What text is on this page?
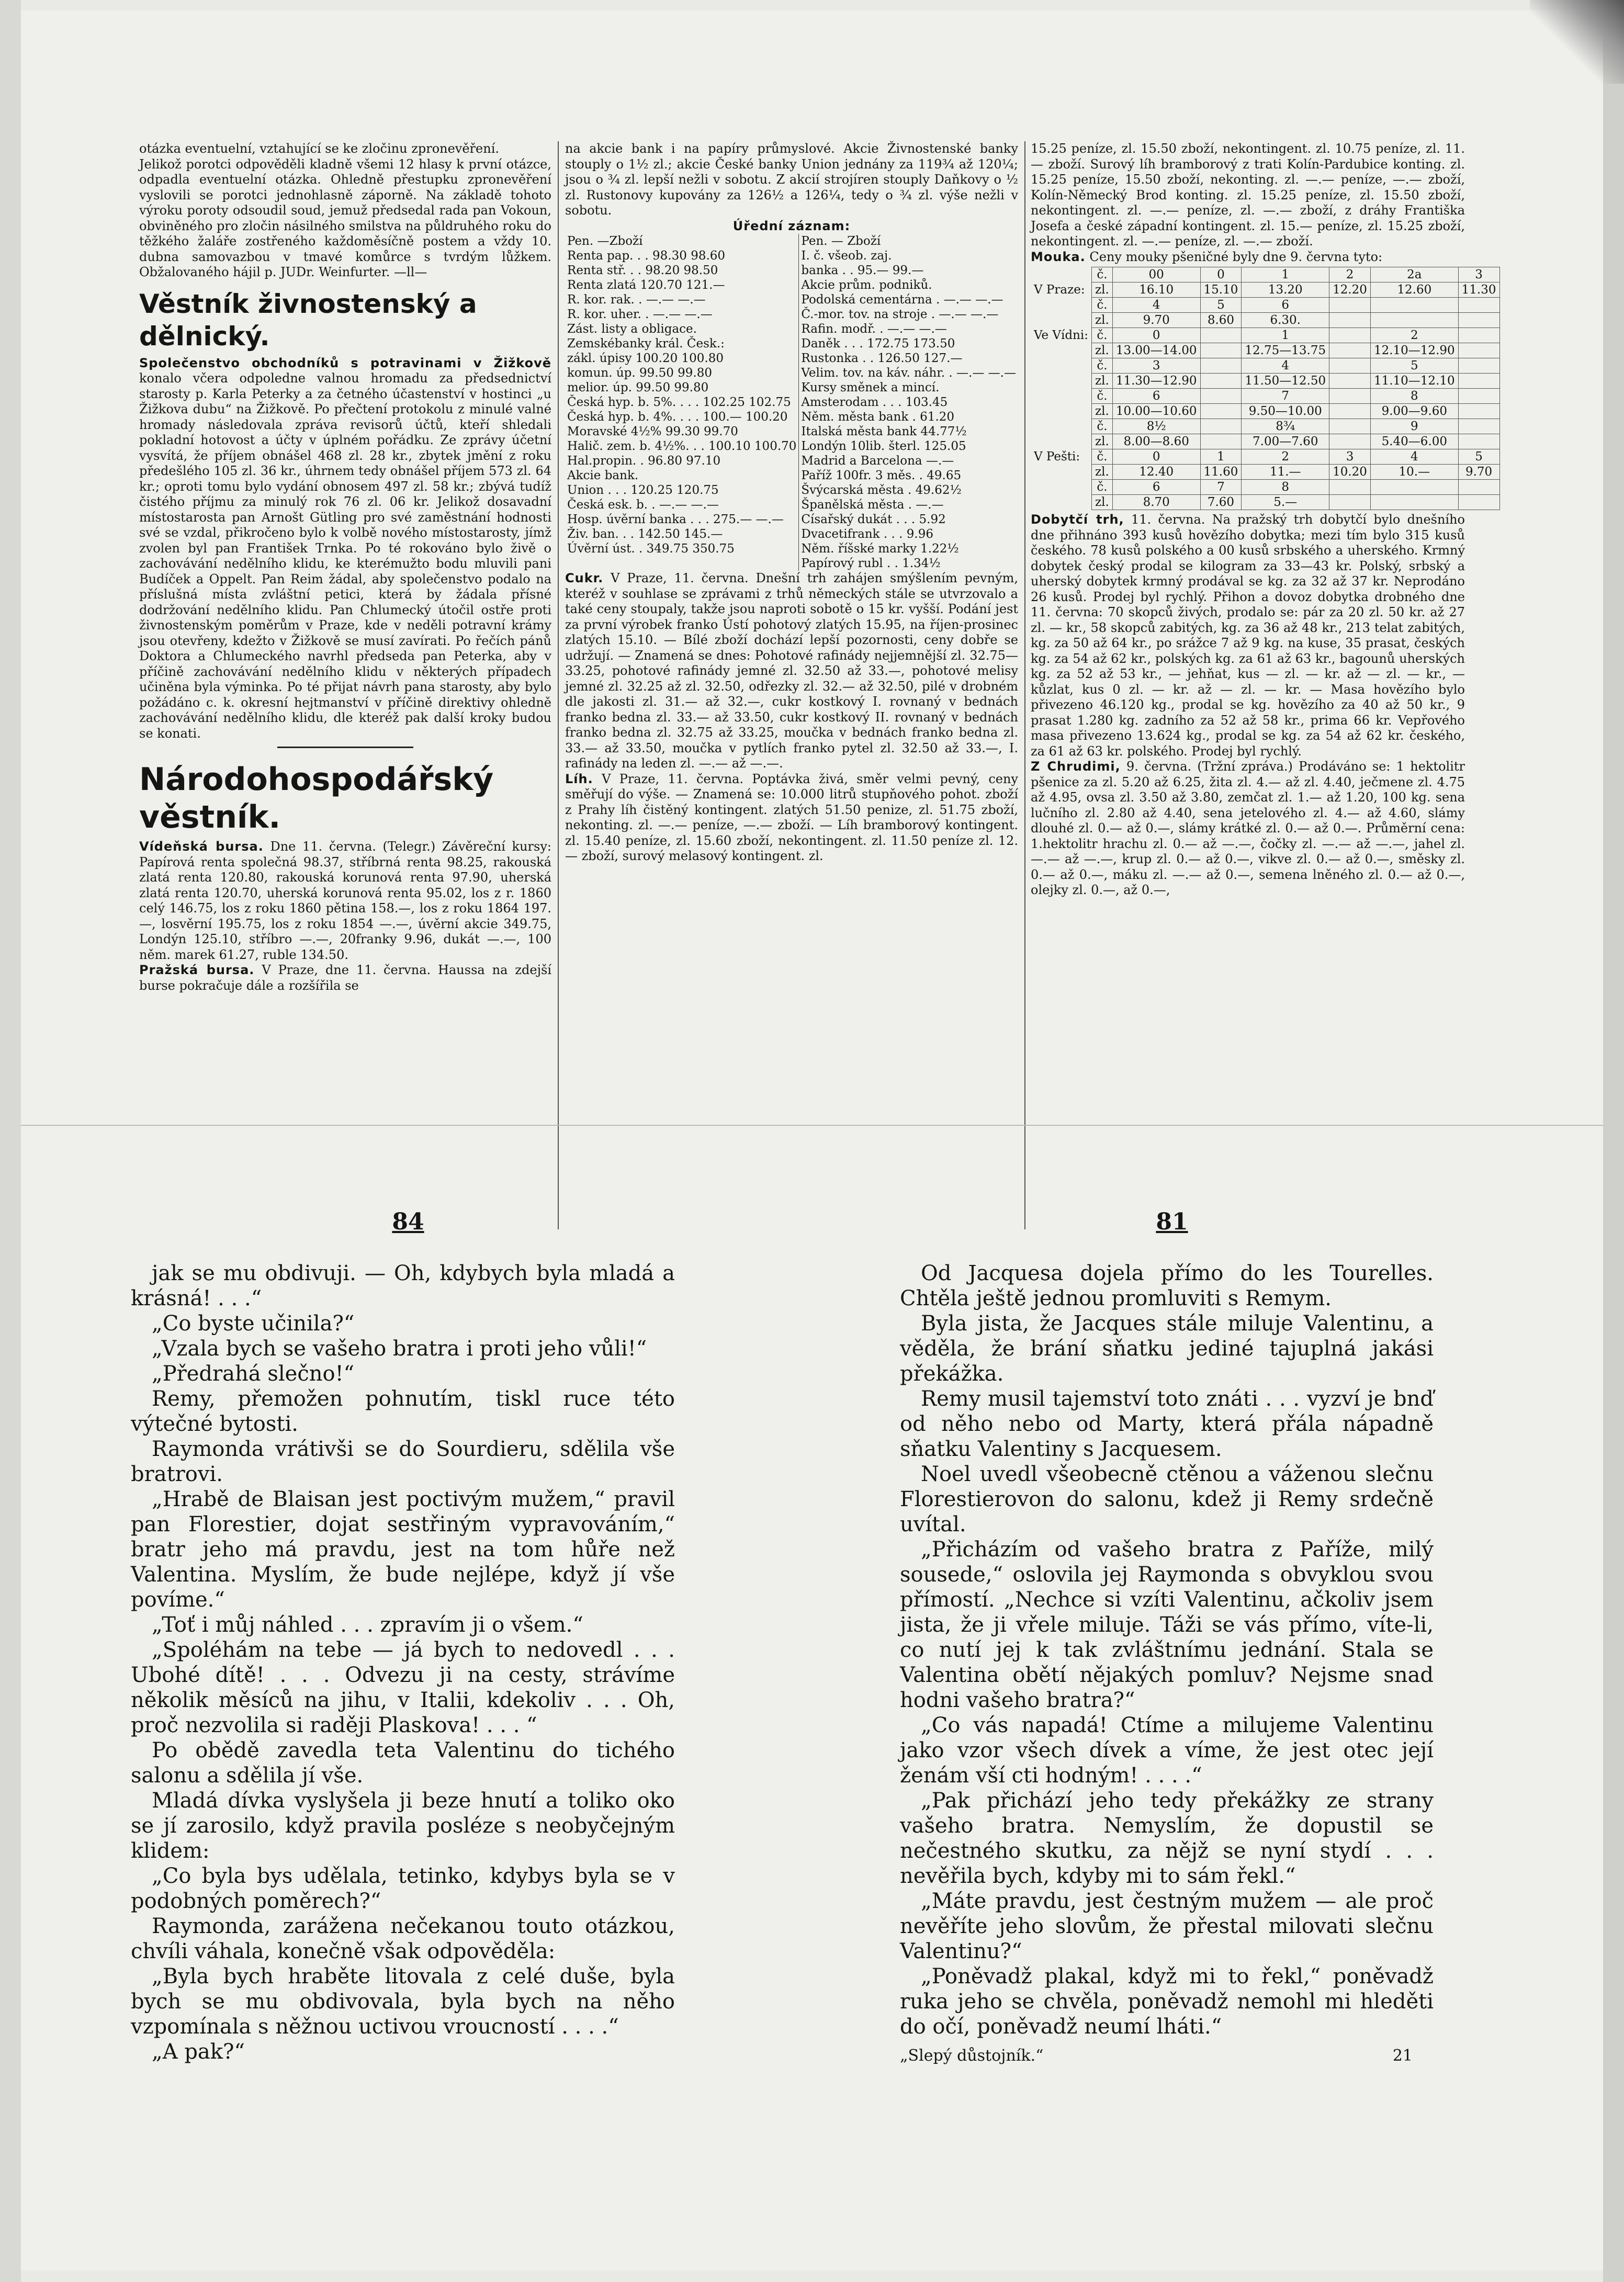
otázka eventuelní, vztahující se ke zločinu zpronevěření.

Jelikož porotci odpověděli kladně všemi 12 hlasy k první otázce, odpadla eventuelní otázka. Ohledně přestupku zpronevěření vyslovili se porotci jednohlasně záporně. Na základě tohoto výroku poroty odsoudil soud, jemuž předsedal rada pan Vokoun, obviněného pro zločin násilného smilstva na půldruhého roku do těžkého žaláře zostřeného každoměsíčně postem a vždy 10. dubna samovazbou v tmavé komůrce s tvrdým lůžkem. Obžalovaného hájil p. JUDr. Weinfurter. —ll—

Věstník živnostenský a dělnický.

Společenstvo obchodníků s potravinami v Žižkově konalo včera odpoledne valnou hromadu za předsednictví starosty p. Karla Peterky a za četného účastenství v hostinci „u Žižkova dubu“ na Žižkově. Po přečtení protokolu z minulé valné hromady následovala zpráva revisorů účtů, kteří shledali pokladní hotovost a účty v úplném pořádku. Ze zprávy účetní vysvítá, že příjem obnášel 468 zl. 28 kr., zbytek jmění z roku předešlého 105 zl. 36 kr., úhrnem tedy obnášel příjem 573 zl. 64 kr.; oproti tomu bylo vydání obnosem 497 zl. 58 kr.; zbývá tudíž čistého příjmu za minulý rok 76 zl. 06 kr. Jelikož dosavadní místostarosta pan Arnošt Gütling pro své zaměstnání hodnosti své se vzdal, přikročeno bylo k volbě nového místostarosty, jímž zvolen byl pan František Trnka. Po té rokováno bylo živě o zachovávání nedělního klidu, ke kterémužto bodu mluvili pani Budíček a Oppelt. Pan Reim žádal, aby společenstvo podalo na příslušná místa zvláštní petici, která by žádala přísné dodržování nedělního klidu. Pan Chlumecký útočil ostře proti živnostenským poměrům v Praze, kde v neděli potravní krámy jsou otevřeny, kdežto v Žižkově se musí zavírati. Po řečích pánů Doktora a Chlumeckého navrhl předseda pan Peterka, aby v příčině zachovávání nedělního klidu v některých případech učiněna byla výminka. Po té přijat návrh pana starosty, aby bylo požádáno c. k. okresní hejtmanství v příčině direktivy ohledně zachovávání nedělního klidu, dle kteréž pak další kroky budou se konati.

Národohospodářský věstník.

Vídeňská bursa. Dne 11. června. (Telegr.) Závěreční kursy: Papírová renta společná 98.37, stříbrná renta 98.25, rakouská zlatá renta 120.80, rakouská korunová renta 97.90, uherská zlatá renta 120.70, uherská korunová renta 95.02, los z r. 1860 celý 146.75, los z roku 1860 pětina 158.—, los z roku 1864 197.—, losvěrní 195.75, los z roku 1854 —.—, úvěrní akcie 349.75, Londýn 125.10, stříbro —.—, 20franky 9.96, dukát —.—, 100 něm. marek 61.27, ruble 134.50.

Pražská bursa. V Praze, dne 11. června. Haussa na zdejší burse pokračuje dále a rozšířila se

na akcie bank i na papíry průmyslové. Akcie Živnostenské banky stouply o 1½ zl.; akcie České banky Union jednány za 119¾ až 120¼; jsou o ¾ zl. lepší nežli v sobotu. Z akcií strojíren stouply Daňkovy o ½ zl. Rustonovy kupovány za 126½ a 126¼, tedy o ¾ zl. výše nežli v sobotu.

Úřední záznam:
Pen. —Zboží	Pen. — Zboží
Renta pap. . . 98.30 98.60	I. č. všeob. zaj.
Renta stř. . . 98.20 98.50	banka . . 95.— 99.—
Renta zlatá 120.70 121.—	Akcie prům. podniků.
R. kor. rak. . —.— —.—	Podolská cementárna . —.— —.—
R. kor. uher. . —.— —.—	Č.-mor. tov. na stroje . —.— —.—
Zást. listy a obligace.	Rafin. modř. . —.— —.—
Zemskébanky král. Česk.:	Daněk . . . 172.75 173.50
zákl. úpisy 100.20 100.80	Rustonka . . 126.50 127.—
komun. úp. 99.50 99.80	Velim. tov. na káv. náhr. . —.— —.—
melior. úp. 99.50 99.80	Kursy směnek a mincí.
Česká hyp. b. 5%. . . . 102.25 102.75	Amsterodam . . . 103.45
Česká hyp. b. 4%. . . . 100.— 100.20	Něm. města bank . 61.20
Moravské 4½% 99.30 99.70	Italská města bank 44.77½
Halič. zem. b. 4½%. . . 100.10 100.70	Londýn 10lib. šterl. 125.05
Hal.propin. . 96.80 97.10	Madrid a Barcelona —.—
Akcie bank.	Paříž 100fr. 3 měs. . 49.65
Union . . . 120.25 120.75	Švýcarská města . 49.62½
Česká esk. b. . —.— —.—	Španělská města . —.—
Hosp. úvěrní banka . . . 275.— —.—	Císařský dukát . . . 5.92
Živ. ban. . . 142.50 145.—	Dvacetifrank . . . 9.96
Úvěrní úst. . 349.75 350.75	Něm. říšské marky 1.22½
	Papírový rubl . . 1.34½

Cukr. V Praze, 11. června. Dnešní trh zahájen smýšlením pevným, kteréž v souhlase se zprávami z trhů německých stále se utvrzovalo a také ceny stoupaly, takže jsou naproti sobotě o 15 kr. vyšší. Podání jest za první výrobek franko Ústí pohotový zlatých 15.95, na říjen-prosinec zlatých 15.10. — Bílé zboží dochází lepší pozornosti, ceny dobře se udržují. — Znamená se dnes: Pohotové rafinády nejjemnější zl. 32.75—33.25, pohotové rafinády jemné zl. 32.50 až 33.—, pohotové melisy jemné zl. 32.25 až zl. 32.50, odřezky zl. 32.— až 32.50, pilé v drobném dle jakosti zl. 31.— až 32.—, cukr kostkový I. rovnaný v bednách franko bedna zl. 33.— až 33.50, cukr kostkový II. rovnaný v bednách franko bedna zl. 32.75 až 33.25, moučka v bednách franko bedna zl. 33.— až 33.50, moučka v pytlích franko pytel zl. 32.50 až 33.—, I. rafinády na leden zl. —.— až —.—.

Líh. V Praze, 11. června. Poptávka živá, směr velmi pevný, ceny směřují do výše. — Znamená se: 10.000 litrů stupňového pohot. zboží z Prahy líh čistěný kontingent. zlatých 51.50 penize, zl. 51.75 zboží, nekonting. zl. —.— peníze, —.— zboží. — Líh bramborový kontingent. zl. 15.40 peníze, zl. 15.60 zboží, nekontingent. zl. 11.50 peníze zl. 12.— zboží, surový melasový kontingent. zl.

15.25 peníze, zl. 15.50 zboží, nekontingent. zl. 10.75 peníze, zl. 11.— zboží. Surový líh bramborový z trati Kolín-Pardubice konting. zl. 15.25 peníze, 15.50 zboží, nekonting. zl. —.— peníze, —.— zboží, Kolín-Německý Brod konting. zl. 15.25 peníze, zl. 15.50 zboží, nekontingent. zl. —.— peníze, zl. —.— zboží, z dráhy Františka Josefa a české západní kontingent. zl. 15.— peníze, zl. 15.25 zboží, nekontingent. zl. —.— peníze, zl. —.— zboží.

Mouka. Ceny mouky pšeničné byly dne 9. června tyto:

	č.	00	0	1	2	2a	3
V Praze:	zl.	16.10	15.10	13.20	12.20	12.60	11.30
	č.	4	5	6			
	zl.	9.70	8.60	6.30.			
Ve Vídni:	č.	0		1		2	
	zl.	13.00—14.00		12.75—13.75		12.10—12.90	
	č.	3		4		5	
	zl.	11.30—12.90		11.50—12.50		11.10—12.10	
	č.	6		7		8	
	zl.	10.00—10.60		9.50—10.00		9.00—9.60	
	č.	8½		8¾		9	
	zl.	8.00—8.60		7.00—7.60		5.40—6.00	
V Pešti:	č.	0	1	2	3	4	5
	zl.	12.40	11.60	11.—	10.20	10.—	9.70
	č.	6	7	8			
	zl.	8.70	7.60	5.—			

Dobytčí trh, 11. června. Na pražský trh dobytčí bylo dnešního dne přihnáno 393 kusů hovězího dobytka; mezi tím bylo 315 kusů českého. 78 kusů polského a 00 kusů srbského a uherského. Krmný dobytek český prodal se kilogram za 33—43 kr. Polský, srbský a uherský dobytek krmný prodával se kg. za 32 až 37 kr. Neprodáno 26 kusů. Prodej byl rychlý. Přihon a dovoz dobytka drobného dne 11. června: 70 skopců živých, prodalo se: pár za 20 zl. 50 kr. až 27 zl. — kr., 58 skopců zabitých, kg. za 36 až 48 kr., 213 telat zabitých, kg. za 50 až 64 kr., po srážce 7 až 9 kg. na kuse, 35 prasat, českých kg. za 54 až 62 kr., polských kg. za 61 až 63 kr., bagounů uherských kg. za 52 až 53 kr., — jehňat, kus — zl. — kr. až — zl. — kr., — kůzlat, kus 0 zl. — kr. až — zl. — kr. — Masa hovězího bylo přivezeno 46.120 kg., prodal se kg. hovězího za 40 až 50 kr., 9 prasat 1.280 kg. zadního za 52 až 58 kr., prima 66 kr. Vepřového masa přivezeno 13.624 kg., prodal se kg. za 54 až 62 kr. českého, za 61 až 63 kr. polského. Prodej byl rychlý.

Z Chrudimi, 9. června. (Tržní zpráva.) Prodáváno se: 1 hektolitr pšenice za zl. 5.20 až 6.25, žita zl. 4.— až zl. 4.40, ječmene zl. 4.75 až 4.95, ovsa zl. 3.50 až 3.80, zemčat zl. 1.— až 1.20, 100 kg. sena lučního zl. 2.80 až 4.40, sena jetelového zl. 4.— až 4.60, slámy dlouhé zl. 0.— až 0.—, slámy krátké zl. 0.— až 0.—. Průměrní cena: 1.hektolitr hrachu zl. 0.— až —.—, čočky zl. —.— až —.—, jahel zl. —.— až —.—, krup zl. 0.— až 0.—, vikve zl. 0.— až 0.—, směsky zl. 0.— až 0.—, máku zl. —.— až 0.—, semena lněného zl. 0.— až 0.—, olejky zl. 0.—, až 0.—,

84	81

jak se mu obdivuji. — Oh, kdybych byla mladá a krásná! . . .“

„Co byste učinila?“

„Vzala bych se vašeho bratra i proti jeho vůli!“

„Předrahá slečno!“

Remy, přemožen pohnutím, tiskl ruce této výtečné bytosti.

Raymonda vrátivši se do Sourdieru, sdělila vše bratrovi.

„Hrabě de Blaisan jest poctivým mužem,“ pravil pan Florestier, dojat sestřiným vypravováním,“ bratr jeho má pravdu, jest na tom hůře než Valentina. Myslím, že bude nejlépe, když jí vše povíme.“

„Toť i můj náhled . . . zpravím ji o všem.“

„Spoléhám na tebe — já bych to nedovedl . . . Ubohé dítě! . . . Odvezu ji na cesty, strávíme několik měsíců na jihu, v Italii, kdekoliv . . . Oh, proč nezvolila si raději Plaskova! . . . “

Po obědě zavedla teta Valentinu do tichého salonu a sdělila jí vše.

Mladá dívka vyslyšela ji beze hnutí a toliko oko se jí zarosilo, když pravila posléze s neobyčejným klidem:

„Co byla bys udělala, tetinko, kdybys byla se v podobných poměrech?“

Raymonda, zarážena nečekanou touto otázkou, chvíli váhala, konečně však odpověděla:

„Byla bych hraběte litovala z celé duše, byla bych se mu obdivovala, byla bych na něho vzpomínala s něžnou uctivou vroucností . . . .“

„A pak?“

Od Jacquesa dojela přímo do les Tourelles. Chtěla ještě jednou promluviti s Remym.

Byla jista, že Jacques stále miluje Valentinu, a věděla, že brání sňatku jediné tajuplná jakási překážka.

Remy musil tajemství toto znáti . . . vyzví je bnď od něho nebo od Marty, která přála nápadně sňatku Valentiny s Jacquesem.

Noel uvedl všeobecně ctěnou a váženou slečnu Florestierovon do salonu, kdež ji Remy srdečně uvítal.

„Přicházím od vašeho bratra z Paříže, milý sousede,“ oslovila jej Raymonda s obvyklou svou přímostí. „Nechce si vzíti Valentinu, ačkoliv jsem jista, že ji vřele miluje. Táži se vás přímo, víte-li, co nutí jej k tak zvláštnímu jednání. Stala se Valentina obětí nějakých pomluv? Nejsme snad hodni vašeho bratra?“

„Co vás napadá! Ctíme a milujeme Valentinu jako vzor všech dívek a víme, že jest otec její ženám vší cti hodným! . . . .“

„Pak přichází jeho tedy překážky ze strany vašeho bratra. Nemyslím, že dopustil se nečestného skutku, za nějž se nyní stydí . . . nevěřila bych, kdyby mi to sám řekl.“

„Máte pravdu, jest čestným mužem — ale proč nevěříte jeho slovům, že přestal milovati slečnu Valentinu?“

„Poněvadž plakal, když mi to řekl,“ poněvadž ruka jeho se chvěla, poněvadž nemohl mi hleděti do očí, poněvadž neumí lháti.“

„Slepý důstojník.“	21
